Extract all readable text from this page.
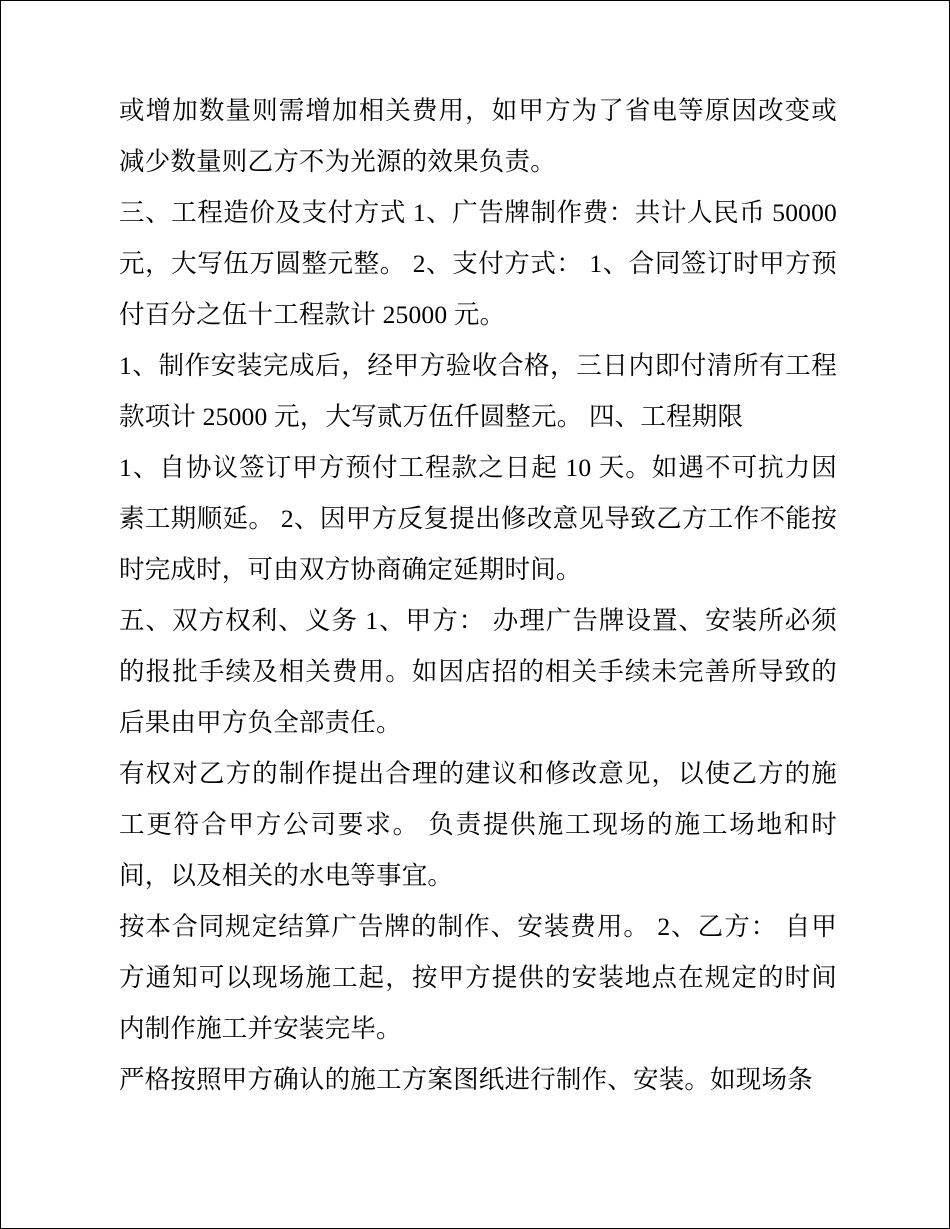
或增加数量则需增加相关费用，如甲方为了省电等原因改变或减少数量则乙方不为光源的效果负责。

三、工程造价及支付方式 1、广告牌制作费：共计人民币 50000 元，大写伍万圆整元整。 2、支付方式： 1、合同签订时甲方预付百分之伍十工程款计 25000 元。

1、制作安装完成后，经甲方验收合格，三日内即付清所有工程款项计 25000 元，大写贰万伍仟圆整元。 四、工程期限

1、自协议签订甲方预付工程款之日起 10 天。如遇不可抗力因素工期顺延。 2、因甲方反复提出修改意见导致乙方工作不能按时完成时，可由双方协商确定延期时间。

五、双方权利、义务 1、甲方： 办理广告牌设置、安装所必须的报批手续及相关费用。如因店招的相关手续未完善所导致的后果由甲方负全部责任。

有权对乙方的制作提出合理的建议和修改意见，以使乙方的施工更符合甲方公司要求。 负责提供施工现场的施工场地和时间，以及相关的水电等事宜。

按本合同规定结算广告牌的制作、安装费用。 2、乙方： 自甲方通知可以现场施工起，按甲方提供的安装地点在规定的时间内制作施工并安装完毕。

严格按照甲方确认的施工方案图纸进行制作、安装。如现场条
